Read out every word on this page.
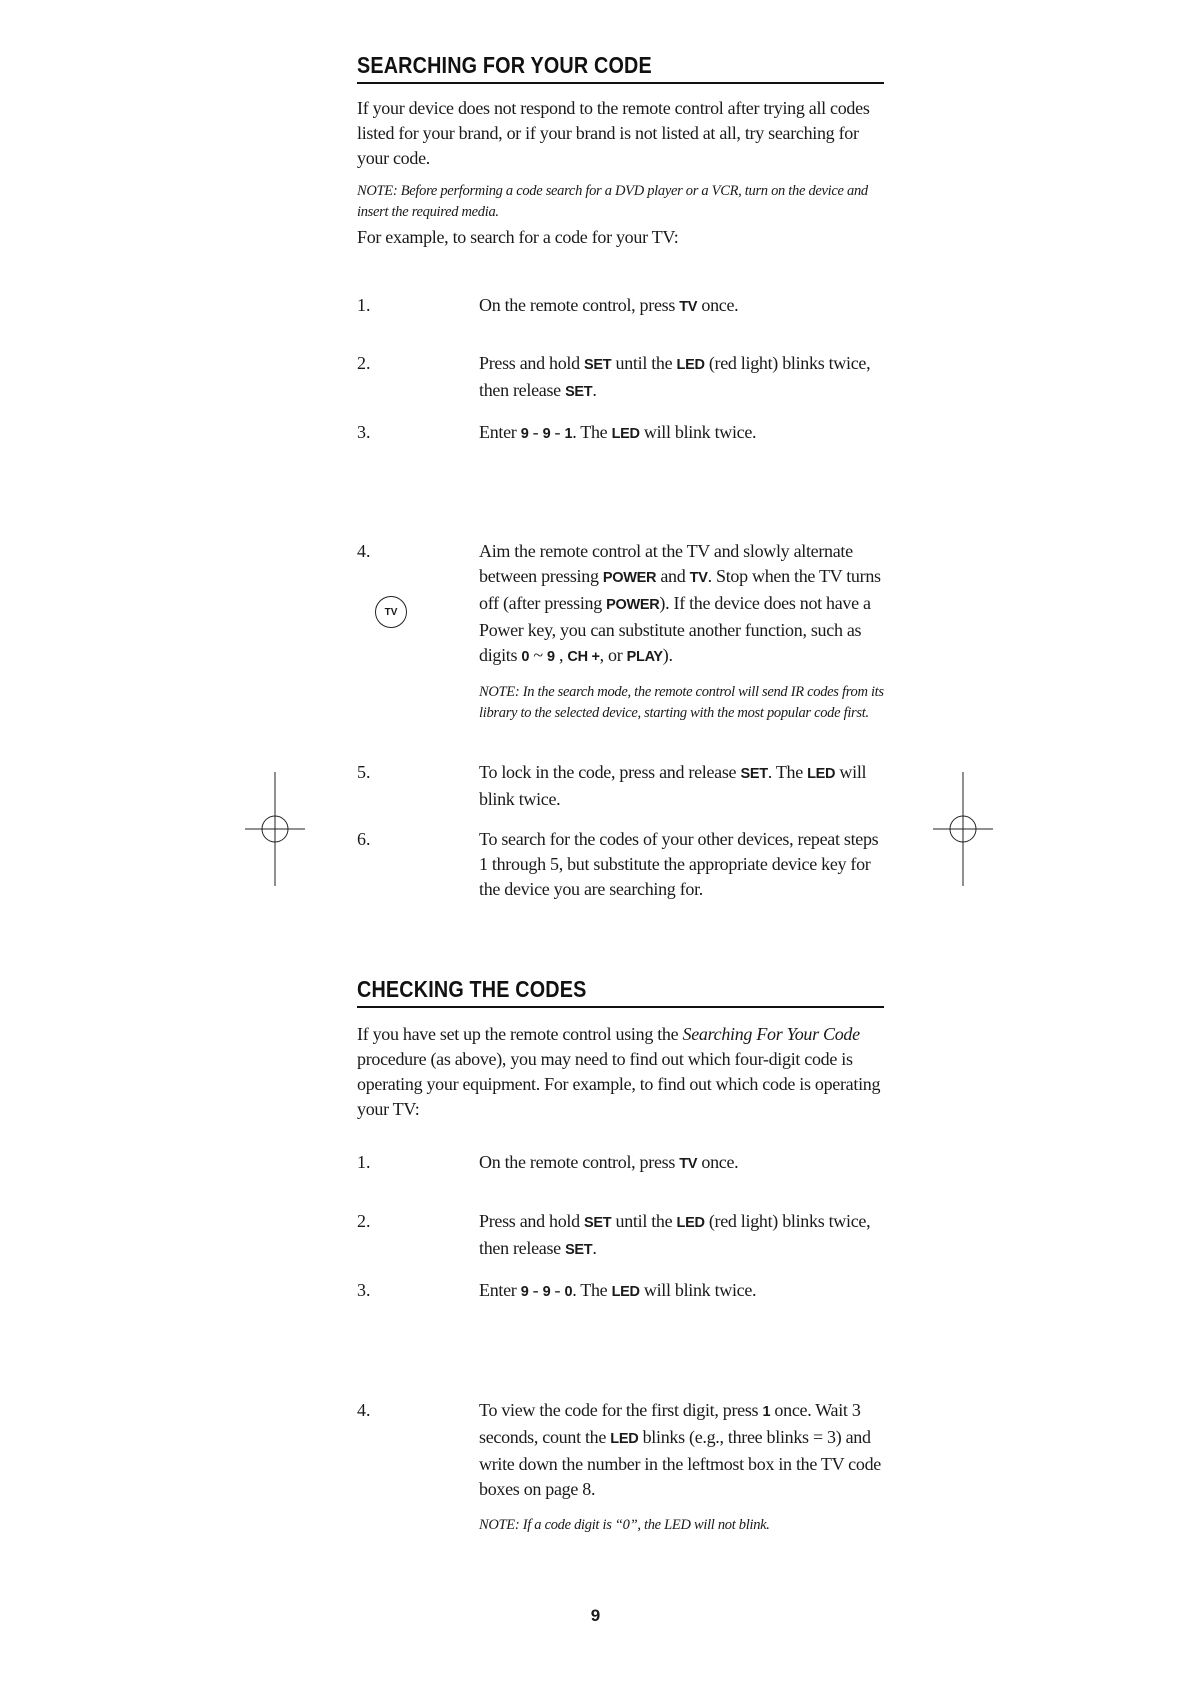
SEARCHING FOR YOUR CODE

If your device does not respond to the remote control after trying all codes listed for your brand, or if your brand is not listed at all, try searching for your code.

NOTE: Before performing a code search for a DVD player or a VCR, turn on the device and insert the required media.

For example, to search for a code for your TV:

1.	On the remote control, press TV once.

2.	Press and hold SET until the LED (red light) blinks twice, then release SET.

3.	Enter 9 - 9 - 1. The LED will blink twice.

4.
TV

Aim the remote control at the TV and slowly alternate between pressing POWER and TV. Stop when the TV turns off (after pressing POWER). If the device does not have a Power key, you can substitute another function, such as digits 0 ~ 9 , CH +, or PLAY).

NOTE: In the search mode, the remote control will send IR codes from its library to the selected device, starting with the most popular code first.

5.	To lock in the code, press and release SET. The LED will blink twice.

6.	To search for the codes of your other devices, repeat steps 1 through 5, but substitute the appropriate device key for the device you are searching for.

CHECKING THE CODES

If you have set up the remote control using the Searching For Your Code procedure (as above), you may need to find out which four-digit code is operating your equipment. For example, to find out which code is operating your TV:

1.	On the remote control, press TV once.

2.	Press and hold SET until the LED (red light) blinks twice, then release SET.

3.	Enter 9 - 9 - 0. The LED will blink twice.

4.	To view the code for the first digit, press 1 once. Wait 3 seconds, count the LED blinks (e.g., three blinks = 3) and write down the number in the leftmost box in the TV code boxes on page 8.

NOTE: If a code digit is “0”, the LED will not blink.

9
